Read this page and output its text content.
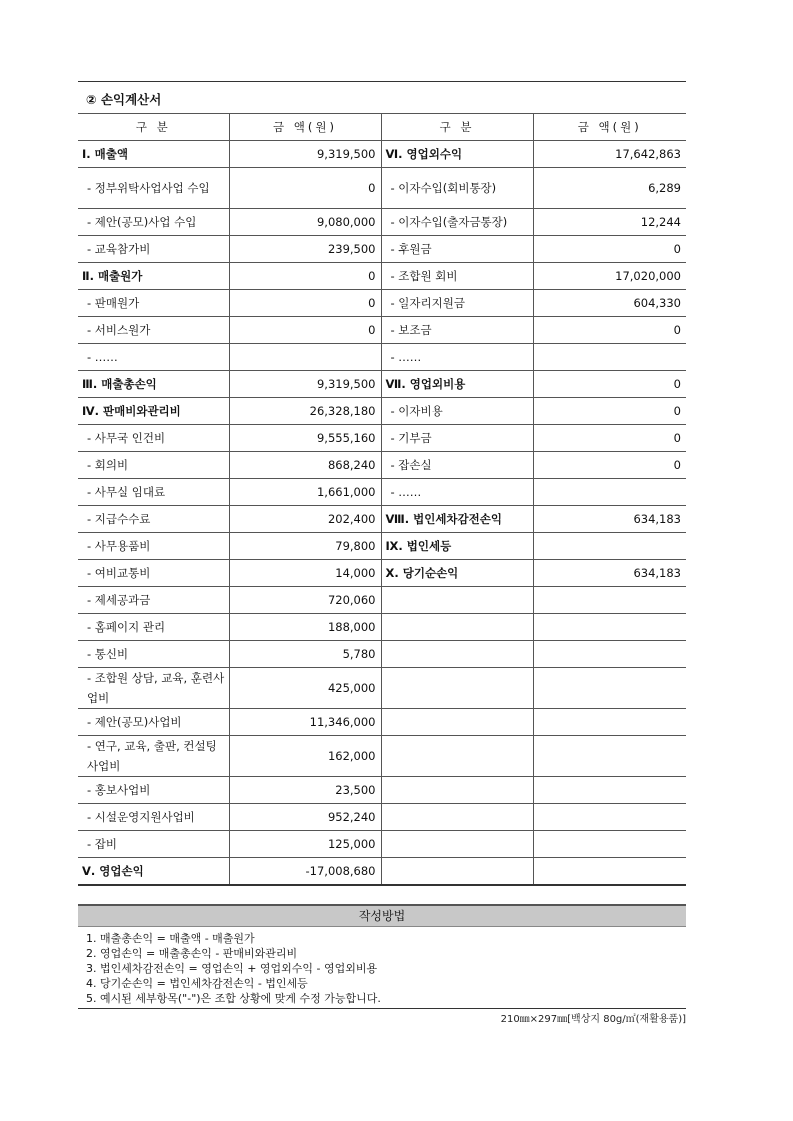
② 손익계산서
구 분	금 액(원)	구 분	금 액(원)
Ⅰ. 매출액	9,319,500	Ⅵ. 영업외수익	17,642,863
- 정부위탁사업사업 수입	0	- 이자수입(회비통장)	6,289
- 제안(공모)사업 수입	9,080,000	- 이자수입(출자금통장)	12,244
- 교육참가비	239,500	- 후원금	0
Ⅱ. 매출원가	0	- 조합원 회비	17,020,000
- 판매원가	0	- 일자리지원금	604,330
- 서비스원가	0	- 보조금	0
- ……		- ……	
Ⅲ. 매출총손익	9,319,500	Ⅶ. 영업외비용	0
Ⅳ. 판매비와관리비	26,328,180	- 이자비용	0
- 사무국 인건비	9,555,160	- 기부금	0
- 회의비	868,240	- 잡손실	0
- 사무실 임대료	1,661,000	- ……	
- 지급수수료	202,400	Ⅷ. 법인세차감전손익	634,183
- 사무용품비	79,800	Ⅸ. 법인세등	
- 여비교통비	14,000	Ⅹ. 당기순손익	634,183
- 제세공과금	720,060		
- 홈페이지 관리	188,000		
- 통신비	5,780		
- 조합원 상담, 교육, 훈련사업비	425,000		
- 제안(공모)사업비	11,346,000		
- 연구, 교육, 출판, 컨설팅 사업비	162,000		
- 홍보사업비	23,500		
- 시설운영지원사업비	952,240		
- 잡비	125,000		
Ⅴ. 영업손익	-17,008,680		
작성방법
1. 매출총손익 = 매출액 - 매출원가
2. 영업손익 = 매출총손익 - 판매비와관리비
3. 법인세차감전손익 = 영업손익 + 영업외수익 - 영업외비용
4. 당기순손익 = 법인세차감전손익 - 법인세등
5. 예시된 세부항목("-")은 조합 상황에 맞게 수정 가능합니다.
210㎜×297㎜[백상지 80g/㎡(재활용품)]
